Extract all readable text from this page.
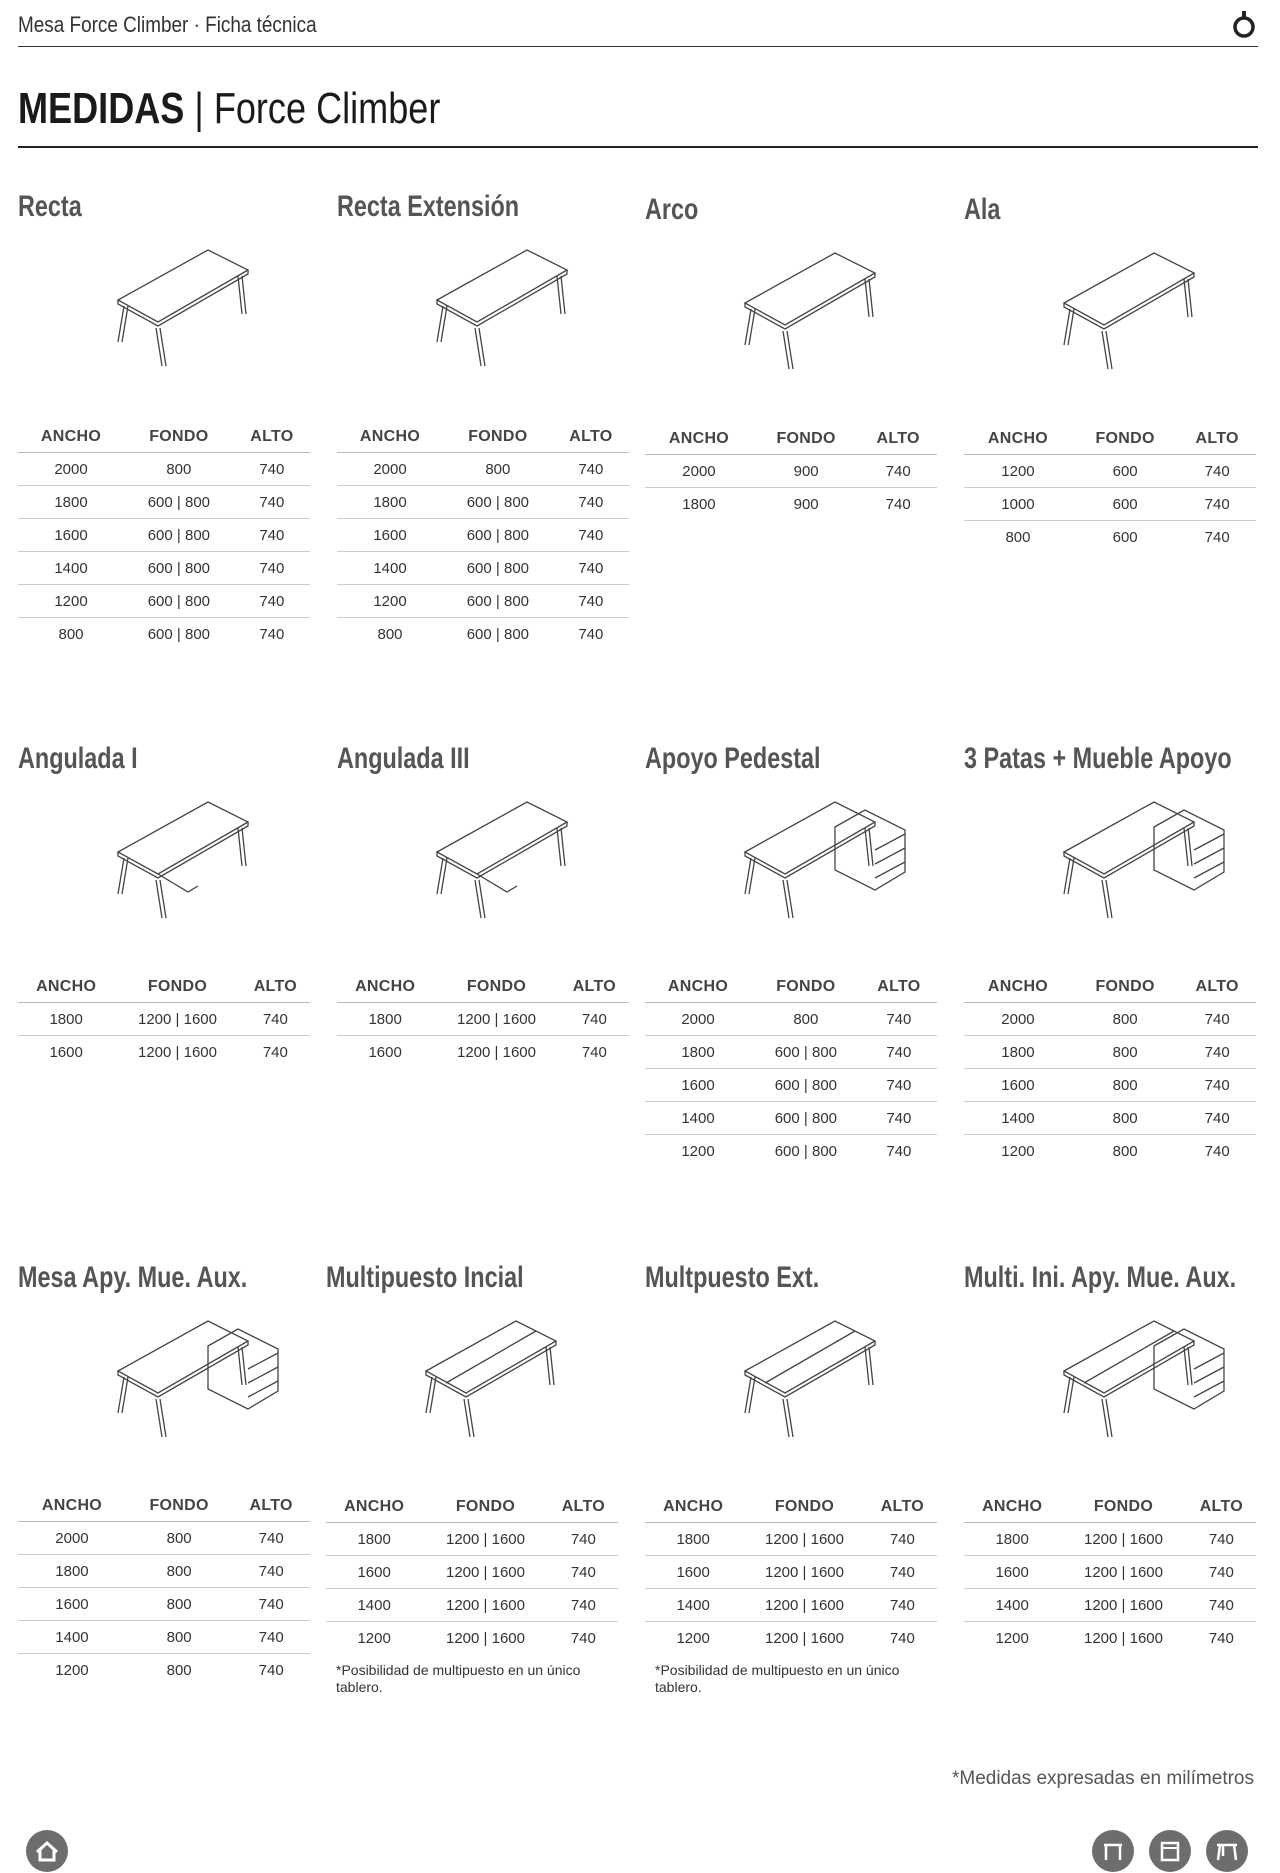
Mesa Force Climber · Ficha técnica
MEDIDAS | Force Climber
Recta
ANCHO	FONDO	ALTO
2000	800	740
1800	600 | 800	740
1600	600 | 800	740
1400	600 | 800	740
1200	600 | 800	740
800	600 | 800	740
Recta Extensión
ANCHO	FONDO	ALTO
2000	800	740
1800	600 | 800	740
1600	600 | 800	740
1400	600 | 800	740
1200	600 | 800	740
800	600 | 800	740
Arco
ANCHO	FONDO	ALTO
2000	900	740
1800	900	740
Ala
ANCHO	FONDO	ALTO
1200	600	740
1000	600	740
800	600	740
Angulada I
ANCHO	FONDO	ALTO
1800	1200 | 1600	740
1600	1200 | 1600	740
Angulada III
ANCHO	FONDO	ALTO
1800	1200 | 1600	740
1600	1200 | 1600	740
Apoyo Pedestal
ANCHO	FONDO	ALTO
2000	800	740
1800	600 | 800	740
1600	600 | 800	740
1400	600 | 800	740
1200	600 | 800	740
3 Patas + Mueble Apoyo
ANCHO	FONDO	ALTO
2000	800	740
1800	800	740
1600	800	740
1400	800	740
1200	800	740
Mesa Apy. Mue. Aux.
ANCHO	FONDO	ALTO
2000	800	740
1800	800	740
1600	800	740
1400	800	740
1200	800	740
Multipuesto Incial
ANCHO	FONDO	ALTO
1800	1200 | 1600	740
1600	1200 | 1600	740
1400	1200 | 1600	740
1200	1200 | 1600	740
*Posibilidad de multipuesto en un único tablero.
Multpuesto Ext.
ANCHO	FONDO	ALTO
1800	1200 | 1600	740
1600	1200 | 1600	740
1400	1200 | 1600	740
1200	1200 | 1600	740
*Posibilidad de multipuesto en un único tablero.
Multi. Ini. Apy. Mue. Aux.
ANCHO	FONDO	ALTO
1800	1200 | 1600	740
1600	1200 | 1600	740
1400	1200 | 1600	740
1200	1200 | 1600	740
*Medidas expresadas en milímetros
